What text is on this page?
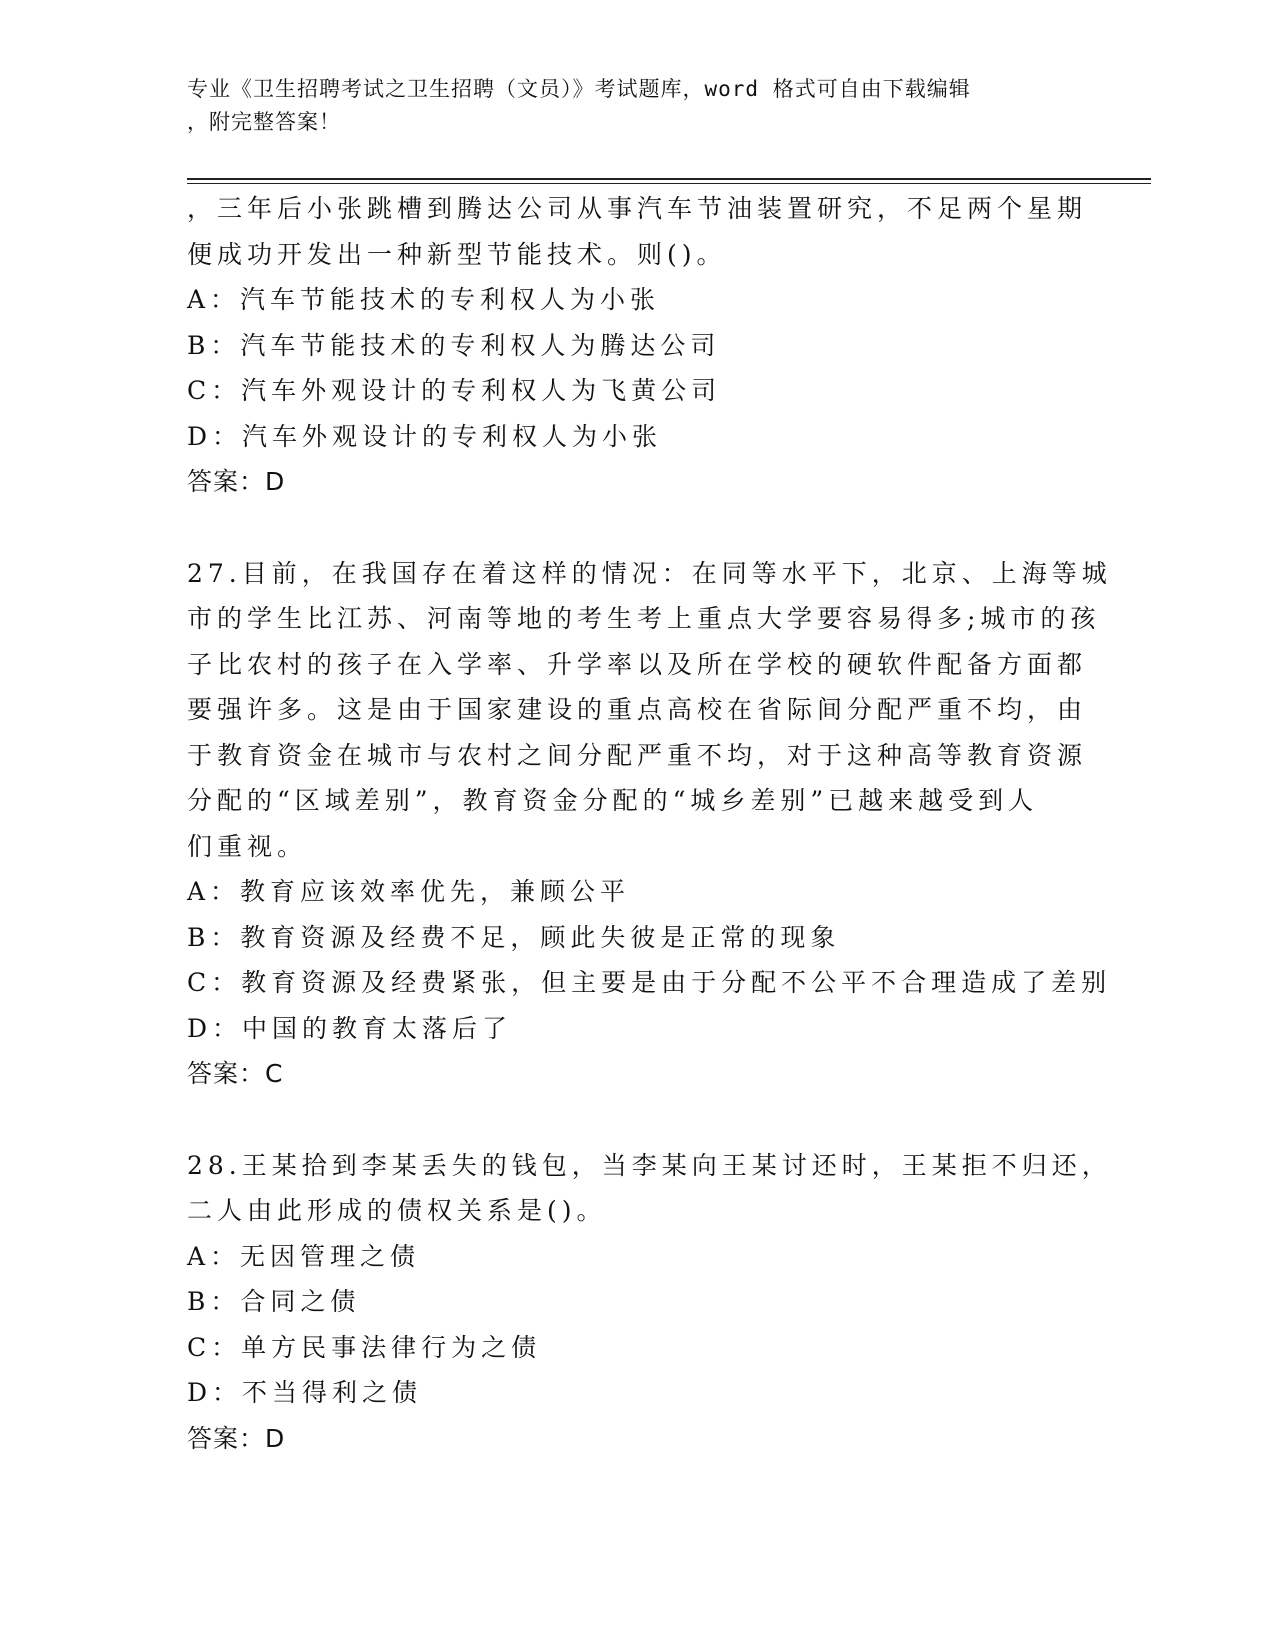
专业《卫生招聘考试之卫生招聘（文员）》考试题库，word 格式可自由下载编辑
，附完整答案！
，三年后小张跳槽到腾达公司从事汽车节油装置研究，不足两个星期
便成功开发出一种新型节能技术。则()。
A：汽车节能技术的专利权人为小张
B：汽车节能技术的专利权人为腾达公司
C：汽车外观设计的专利权人为飞黄公司
D：汽车外观设计的专利权人为小张
答案：D
27.目前，在我国存在着这样的情况：在同等水平下，北京、上海等城
市的学生比江苏、河南等地的考生考上重点大学要容易得多;城市的孩
子比农村的孩子在入学率、升学率以及所在学校的硬软件配备方面都
要强许多。这是由于国家建设的重点高校在省际间分配严重不均，由
于教育资金在城市与农村之间分配严重不均，对于这种高等教育资源
分配的“区域差别”，教育资金分配的“城乡差别”已越来越受到人
们重视。
A：教育应该效率优先，兼顾公平
B：教育资源及经费不足，顾此失彼是正常的现象
C：教育资源及经费紧张，但主要是由于分配不公平不合理造成了差别
D：中国的教育太落后了
答案：C
28.王某拾到李某丢失的钱包，当李某向王某讨还时，王某拒不归还，
二人由此形成的债权关系是()。
A：无因管理之债
B：合同之债
C：单方民事法律行为之债
D：不当得利之债
答案：D
